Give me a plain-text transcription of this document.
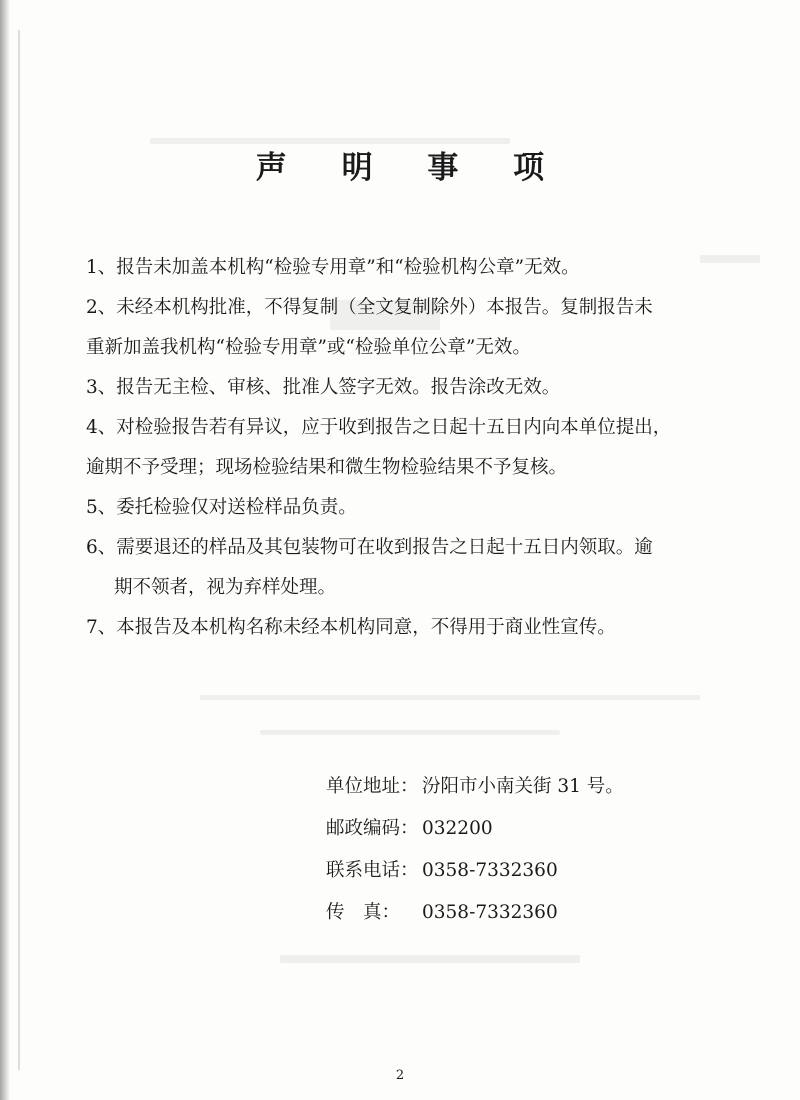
声 明 事 项

1、报告未加盖本机构“检验专用章”和“检验机构公章”无效。

2、未经本机构批准，不得复制（全文复制除外）本报告。复制报告未
重新加盖我机构“检验专用章”或“检验单位公章”无效。

3、报告无主检、审核、批准人签字无效。报告涂改无效。

4、对检验报告若有异议，应于收到报告之日起十五日内向本单位提出，
逾期不予受理；现场检验结果和微生物检验结果不予复核。

5、委托检验仅对送检样品负责。

6、需要退还的样品及其包装物可在收到报告之日起十五日内领取。逾
期不领者，视为弃样处理。

7、本报告及本机构名称未经本机构同意，不得用于商业性宣传。

单位地址： 汾阳市小南关街 31 号。
邮政编码： 032200
联系电话： 0358-7332360
传　真： 0358-7332360
2
